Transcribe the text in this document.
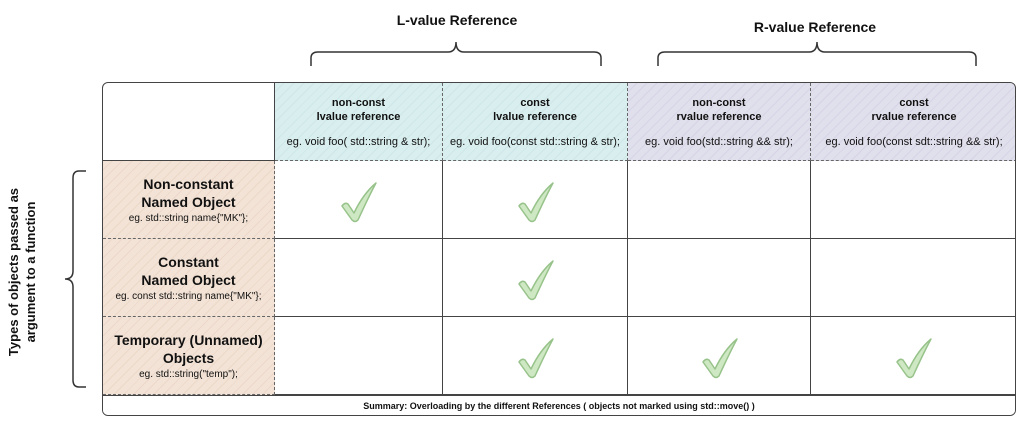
L-value Reference	R-value Reference
Types of objects passed as argument to a function
non-const
lvalue reference
eg. void foo( std::string & str);
const
lvalue reference
eg. void foo(const std::string & str);
non-const
rvalue reference
eg. void foo(std::string && str);
const
rvalue reference
eg. void foo(const sdt::string && str);
Non-constant
Named Object
eg. std::string name{"MK"};
Constant
Named Object
eg. const std::string name{"MK"};
Temporary (Unnamed)
Objects
eg. std::string("temp");
Summary: Overloading by the different References ( objects not marked using std::move() )
